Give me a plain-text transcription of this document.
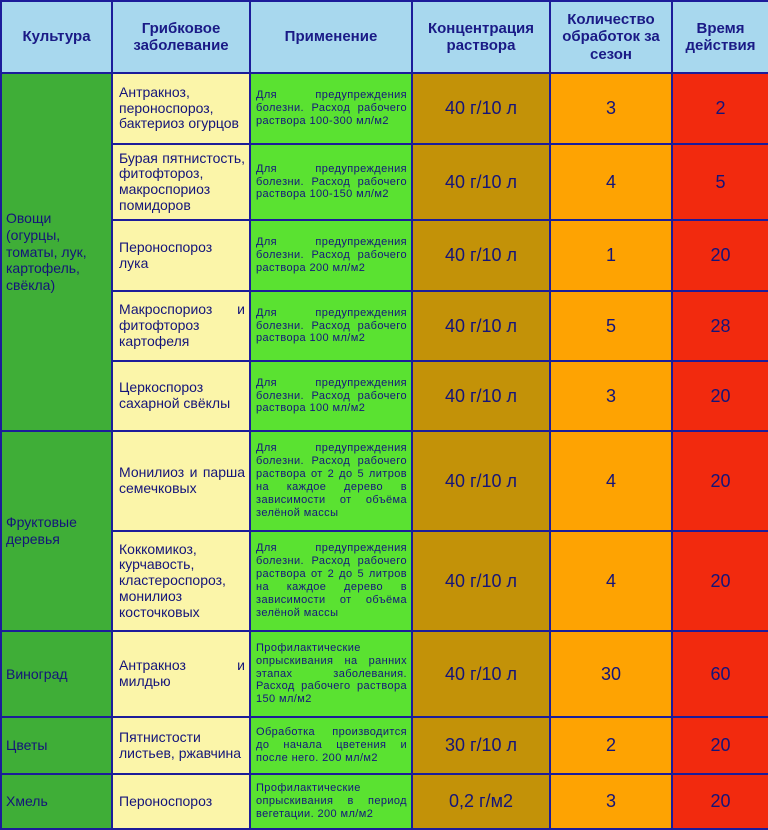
Культура	Грибковое заболевание	Применение	Концентрация раствора	Количество обработок за сезон	Время действия
Овощи (огурцы, томаты, лук, картофель, свёкла)	Антракноз, пероноспороз, бактериоз огурцов	Для предупреждения болезни. Расход рабочего раствора 100-300 мл/м2	40 г/10 л	3	2
	Бурая пятнистость, фитофтороз, макроспориоз помидоров	Для предупреждения болезни. Расход рабочего раствора 100-150 мл/м2	40 г/10 л	4	5
	Пероноспороз лука	Для предупреждения болезни. Расход рабочего раствора 200 мл/м2	40 г/10 л	1	20
	Макроспориоз и фитофтороз картофеля	Для предупреждения болезни. Расход рабочего раствора 100 мл/м2	40 г/10 л	5	28
	Церкоспороз сахарной свёклы	Для предупреждения болезни. Расход рабочего раствора 100 мл/м2	40 г/10 л	3	20
Фруктовые деревья	Монилиоз и парша семечковых	Для предупреждения болезни. Расход рабочего раствора от 2 до 5 литров на каждое дерево в зависимости от объёма зелёной массы	40 г/10 л	4	20
	Коккомикоз, курчавость, кластероспороз, монилиоз косточковых	Для предупреждения болезни. Расход рабочего раствора от 2 до 5 литров на каждое дерево в зависимости от объёма зелёной массы	40 г/10 л	4	20
Виноград	Антракноз и милдью	Профилактические опрыскивания на ранних этапах заболевания. Расход рабочего раствора 150 мл/м2	40 г/10 л	30	60
Цветы	Пятнистости листьев, ржавчина	Обработка производится до начала цветения и после него. 200 мл/м2	30 г/10 л	2	20
Хмель	Пероноспороз	Профилактические опрыскивания в период вегетации. 200 мл/м2	0,2 г/м2	3	20
